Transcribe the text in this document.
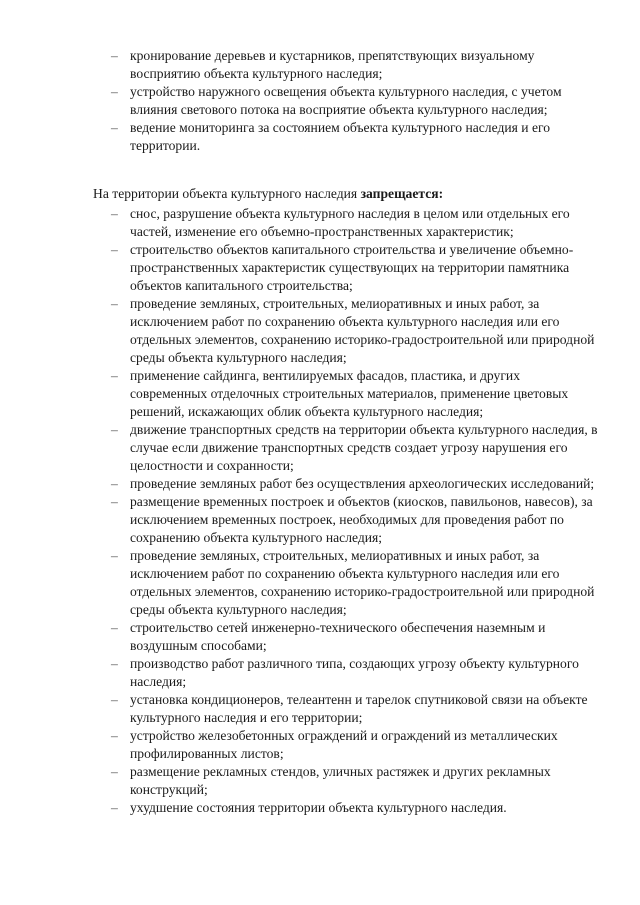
– кронирование деревьев и кустарников, препятствующих визуальному восприятию объекта культурного наследия;
– устройство наружного освещения объекта культурного наследия, с учетом влияния светового потока на восприятие объекта культурного наследия;
– ведение мониторинга за состоянием объекта культурного наследия и его территории.

На территории объекта культурного наследия запрещается:

– снос, разрушение объекта культурного наследия в целом или отдельных его частей, изменение его объемно-пространственных характеристик;
– строительство объектов капитального строительства и увеличение объемно-пространственных характеристик существующих на территории памятника объектов капитального строительства;
– проведение земляных, строительных, мелиоративных и иных работ, за исключением работ по сохранению объекта культурного наследия или его отдельных элементов, сохранению историко-градостроительной или природной среды объекта культурного наследия;
– применение сайдинга, вентилируемых фасадов, пластика, и других современных отделочных строительных материалов, применение цветовых решений, искажающих облик объекта культурного наследия;
– движение транспортных средств на территории объекта культурного наследия, в случае если движение транспортных средств создает угрозу нарушения его целостности и сохранности;
– проведение земляных работ без осуществления археологических исследований;
– размещение временных построек и объектов (киосков, павильонов, навесов), за исключением временных построек, необходимых для проведения работ по сохранению объекта культурного наследия;
– проведение земляных, строительных, мелиоративных и иных работ, за исключением работ по сохранению объекта культурного наследия или его отдельных элементов, сохранению историко-градостроительной или природной среды объекта культурного наследия;
– строительство сетей инженерно-технического обеспечения наземным и воздушным способами;
– производство работ различного типа, создающих угрозу объекту культурного наследия;
– установка кондиционеров, телеантенн и тарелок спутниковой связи на объекте культурного наследия и его территории;
– устройство железобетонных ограждений и ограждений из металлических профилированных листов;
– размещение рекламных стендов, уличных растяжек и других рекламных конструкций;
– ухудшение состояния территории объекта культурного наследия.
